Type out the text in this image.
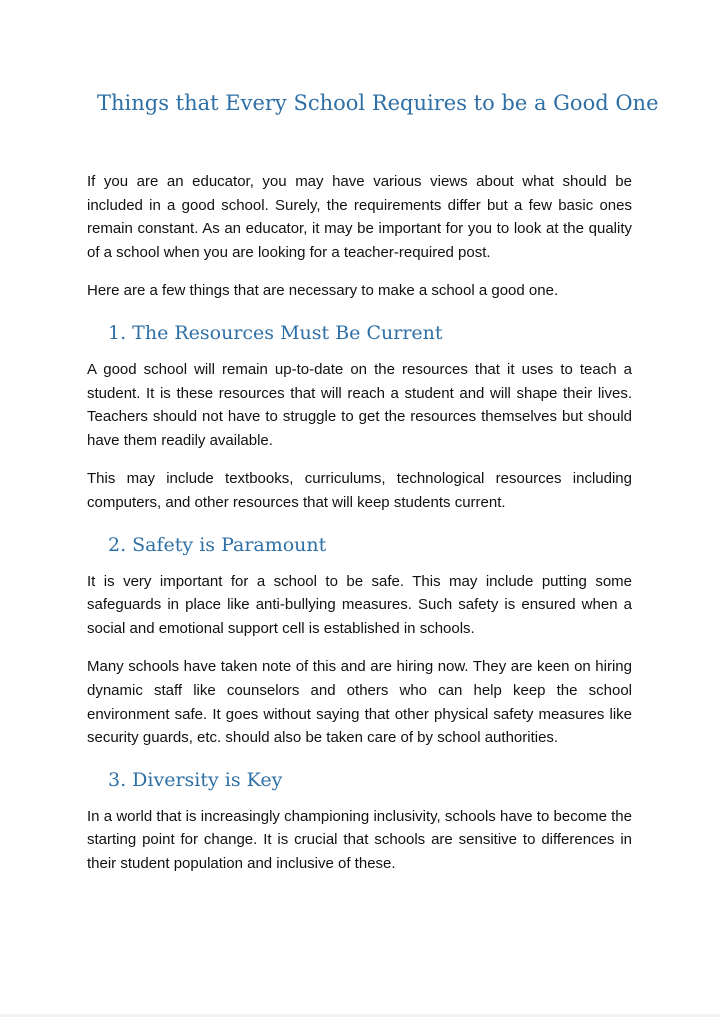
Things that Every School Requires to be a Good One

If you are an educator, you may have various views about what should be included in a good school. Surely, the requirements differ but a few basic ones remain constant. As an educator, it may be important for you to look at the quality of a school when you are looking for a teacher-required post.

Here are a few things that are necessary to make a school a good one.

1. The Resources Must Be Current

A good school will remain up-to-date on the resources that it uses to teach a student. It is these resources that will reach a student and will shape their lives. Teachers should not have to struggle to get the resources themselves but should have them readily available.

This may include textbooks, curriculums, technological resources including computers, and other resources that will keep students current.

2. Safety is Paramount

It is very important for a school to be safe. This may include putting some safeguards in place like anti-bullying measures. Such safety is ensured when a social and emotional support cell is established in schools.

Many schools have taken note of this and are hiring now. They are keen on hiring dynamic staff like counselors and others who can help keep the school environment safe. It goes without saying that other physical safety measures like security guards, etc. should also be taken care of by school authorities.

3. Diversity is Key

In a world that is increasingly championing inclusivity, schools have to become the starting point for change. It is crucial that schools are sensitive to differences in their student population and inclusive of these.
